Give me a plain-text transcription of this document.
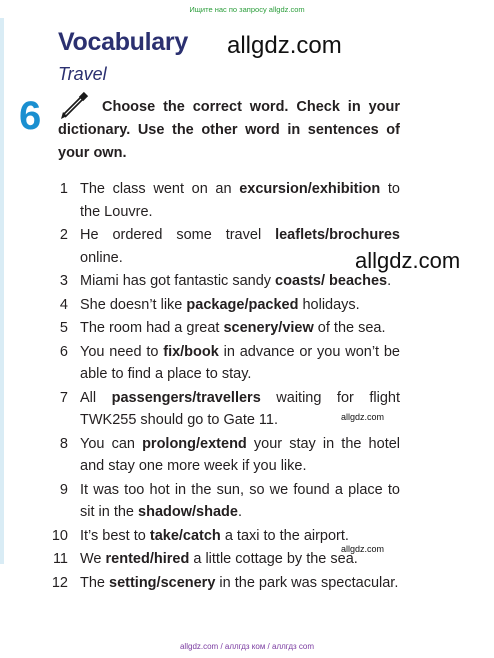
Ищите нас по запросу allgdz.com
Vocabulary
Travel
allgdz.com
allgdz.com
allgdz.com
allgdz.com
6	Choose the correct word. Check in your dictionary. Use the other word in sentences of your own.
1 The class went on an excursion/exhibition to the Louvre.
2 He ordered some travel leaflets/brochures online.
3 Miami has got fantastic sandy coasts/ beaches.
4 She doesn’t like package/packed holidays.
5 The room had a great scenery/view of the sea.
6 You need to fix/book in advance or you won’t be able to find a place to stay.
7 All passengers/travellers waiting for flight TWK255 should go to Gate 11.
8 You can prolong/extend your stay in the hotel and stay one more week if you like.
9 It was too hot in the sun, so we found a place to sit in the shadow/shade.
10 It’s best to take/catch a taxi to the airport.
11 We rented/hired a little cottage by the sea.
12 The setting/scenery in the park was spectacular.
allgdz.com / аллгдз ком / аллгдз com
